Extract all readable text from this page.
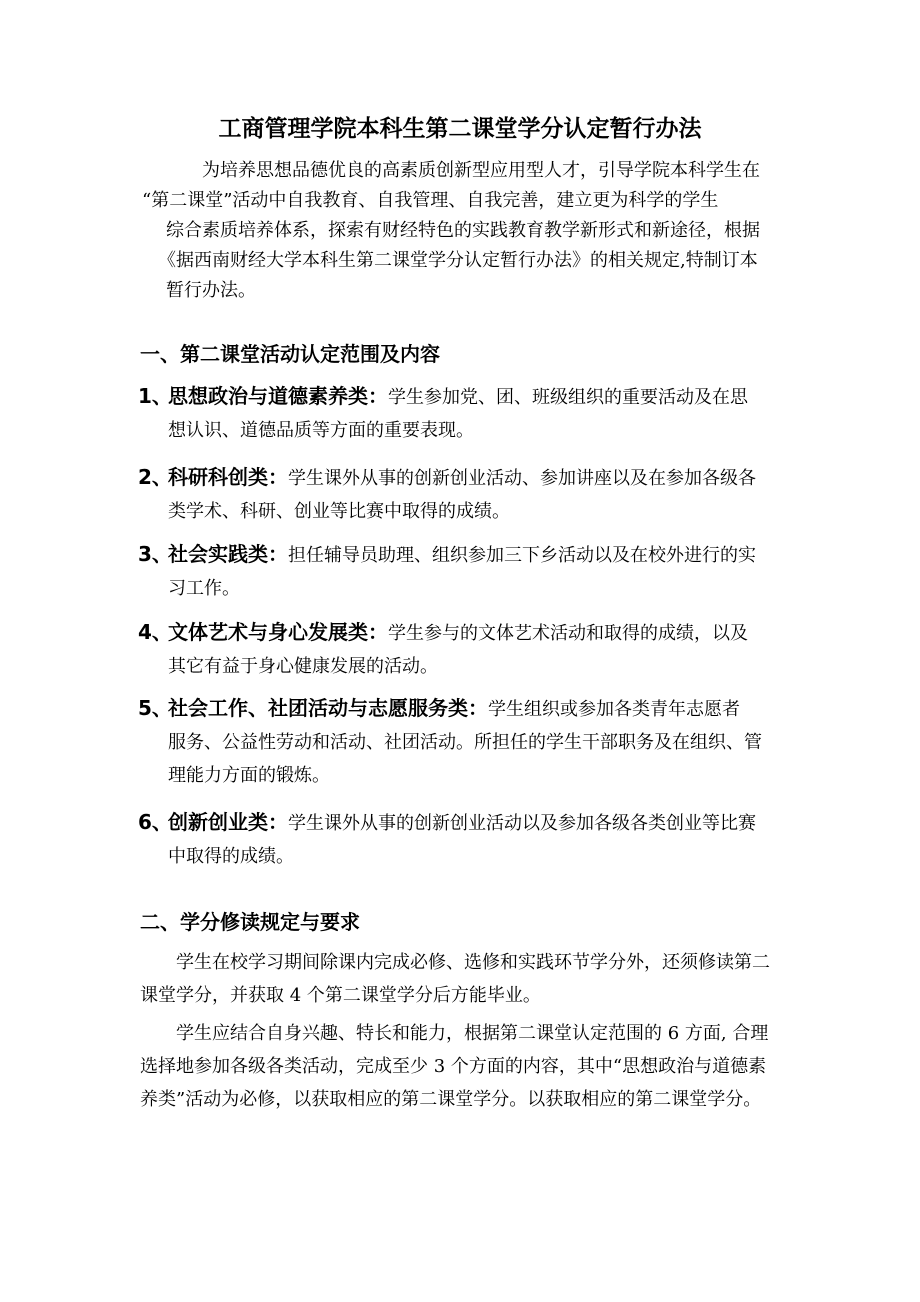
工商管理学院本科生第二课堂学分认定暂行办法

为培养思想品德优良的高素质创新型应用型人才，引导学院本科学生在

“第二课堂”活动中自我教育、自我管理、自我完善，建立更为科学的学生

综合素质培养体系，探索有财经特色的实践教育教学新形式和新途径，根据

《据西南财经大学本科生第二课堂学分认定暂行办法》的相关规定,特制订本

暂行办法。

一、第二课堂活动认定范围及内容
1、
思想政治与道德素养类：学生参加党、团、班级组织的重要活动及在思
想认识、道德品质等方面的重要表现。
2、
科研科创类：学生课外从事的创新创业活动、参加讲座以及在参加各级各
类学术、科研、创业等比赛中取得的成绩。
3、
社会实践类：担任辅导员助理、组织参加三下乡活动以及在校外进行的实
习工作。
4、
文体艺术与身心发展类：学生参与的文体艺术活动和取得的成绩，以及
其它有益于身心健康发展的活动。
5、
社会工作、社团活动与志愿服务类：学生组织或参加各类青年志愿者
服务、公益性劳动和活动、社团活动。所担任的学生干部职务及在组织、管
理能力方面的锻炼。
6、
创新创业类：学生课外从事的创新创业活动以及参加各级各类创业等比赛
中取得的成绩。
二、学分修读规定与要求
学生在校学习期间除课内完成必修、选修和实践环节学分外，还须修读第二
课堂学分，并获取 4 个第二课堂学分后方能毕业。
学生应结合自身兴趣、特长和能力，根据第二课堂认定范围的 6 方面, 合理
选择地参加各级各类活动，完成至少 3 个方面的内容，其中“思想政治与道德素
养类”活动为必修，以获取相应的第二课堂学分。以获取相应的第二课堂学分。
